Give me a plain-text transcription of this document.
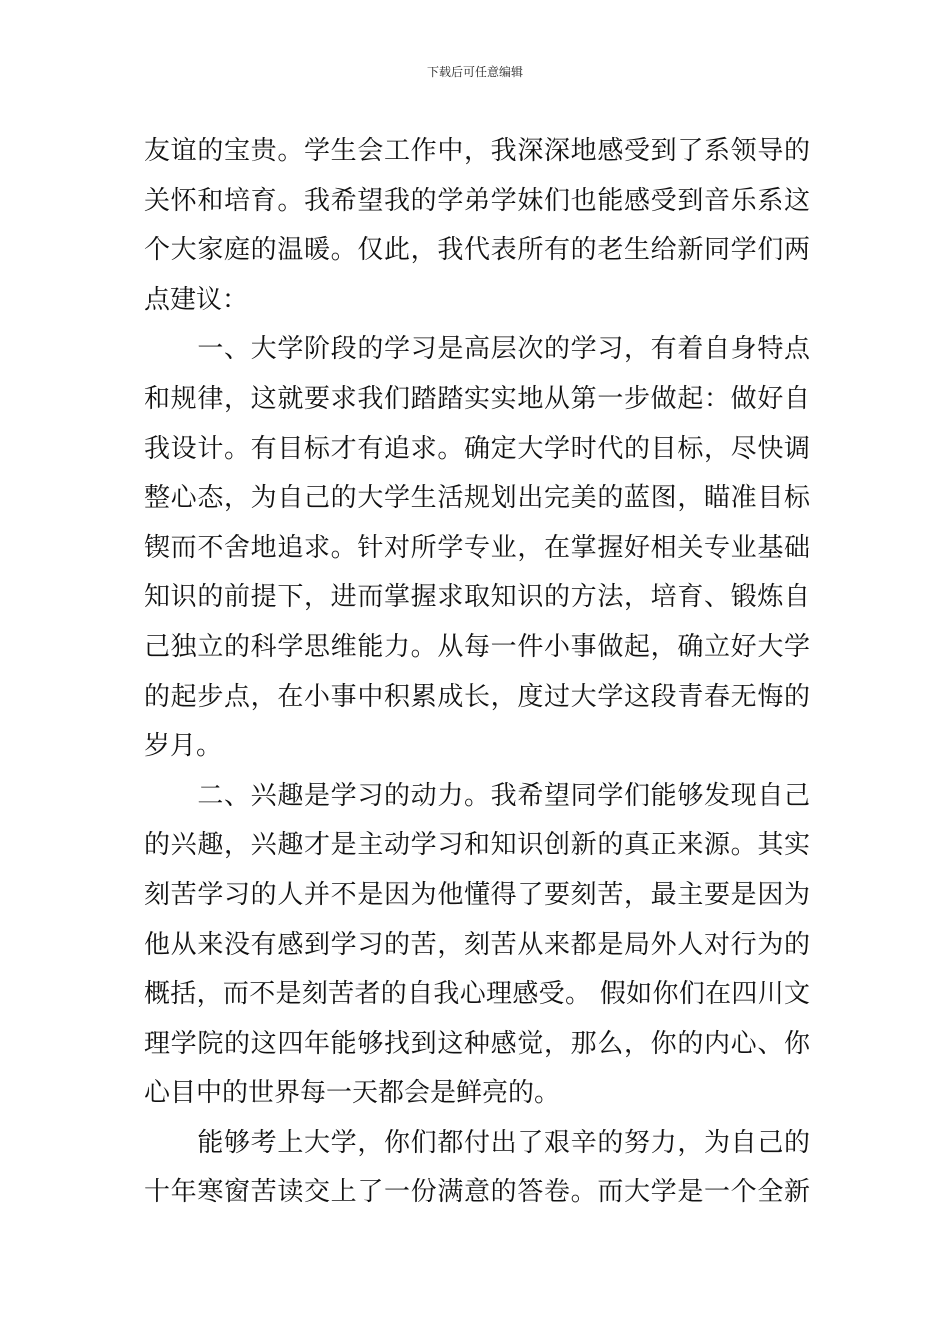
下载后可任意编辑
友谊的宝贵。学生会工作中，我深深地感受到了系领导的
关怀和培育。我希望我的学弟学妹们也能感受到音乐系这
个大家庭的温暖。仅此，我代表所有的老生给新同学们两
点建议：
　　一、大学阶段的学习是高层次的学习，有着自身特点
和规律，这就要求我们踏踏实实地从第一步做起：做好自
我设计。有目标才有追求。确定大学时代的目标，尽快调
整心态，为自己的大学生活规划出完美的蓝图，瞄准目标
锲而不舍地追求。针对所学专业，在掌握好相关专业基础
知识的前提下，进而掌握求取知识的方法，培育、锻炼自
己独立的科学思维能力。从每一件小事做起，确立好大学
的起步点，在小事中积累成长，度过大学这段青春无悔的
岁月。
　　二、兴趣是学习的动力。我希望同学们能够发现自己
的兴趣，兴趣才是主动学习和知识创新的真正来源。其实
刻苦学习的人并不是因为他懂得了要刻苦，最主要是因为
他从来没有感到学习的苦，刻苦从来都是局外人对行为的
概括，而不是刻苦者的自我心理感受。 假如你们在四川文
理学院的这四年能够找到这种感觉，那么，你的内心、你
心目中的世界每一天都会是鲜亮的。
　　能够考上大学，你们都付出了艰辛的努力，为自己的
十年寒窗苦读交上了一份满意的答卷。而大学是一个全新
